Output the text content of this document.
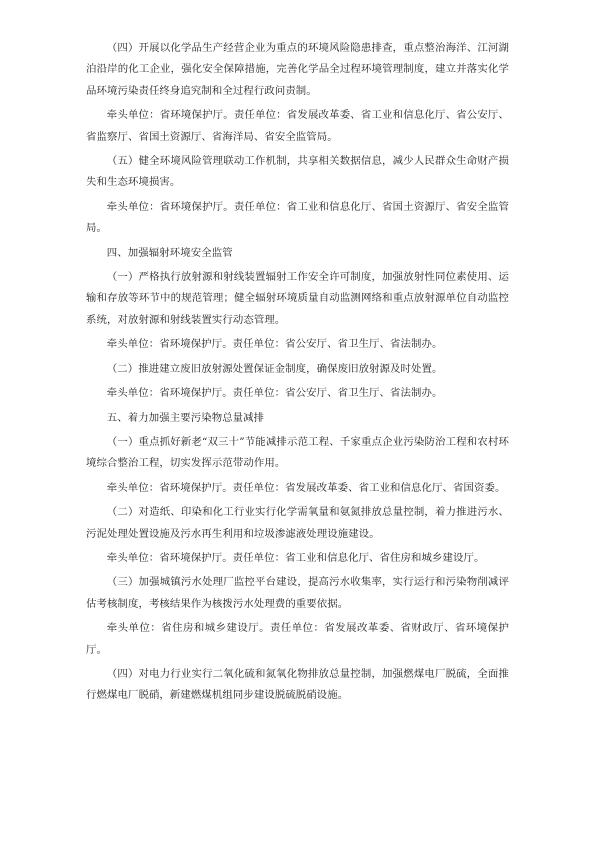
（四）开展以化学品生产经营企业为重点的环境风险隐患排查，重点整治海洋、江河湖泊沿岸的化工企业，强化安全保障措施，完善化学品全过程环境管理制度，建立并落实化学品环境污染责任终身追究制和全过程行政问责制。

牵头单位：省环境保护厅。责任单位：省发展改革委、省工业和信息化厅、省公安厅、省监察厅、省国土资源厅、省海洋局、省安全监管局。

（五）健全环境风险管理联动工作机制，共享相关数据信息，减少人民群众生命财产损失和生态环境损害。

牵头单位：省环境保护厅。责任单位：省工业和信息化厅、省国土资源厅、省安全监管局。

四、加强辐射环境安全监管

（一）严格执行放射源和射线装置辐射工作安全许可制度，加强放射性同位素使用、运输和存放等环节中的规范管理；健全辐射环境质量自动监测网络和重点放射源单位自动监控系统，对放射源和射线装置实行动态管理。

牵头单位：省环境保护厅。责任单位：省公安厅、省卫生厅、省法制办。

（二）推进建立废旧放射源处置保证金制度，确保废旧放射源及时处置。

牵头单位：省环境保护厅。责任单位：省公安厅、省卫生厅、省法制办。

五、着力加强主要污染物总量减排

（一）重点抓好新老“双三十”节能减排示范工程、千家重点企业污染防治工程和农村环境综合整治工程，切实发挥示范带动作用。

牵头单位：省环境保护厅。责任单位：省发展改革委、省工业和信息化厅、省国资委。

（二）对造纸、印染和化工行业实行化学需氧量和氨氮排放总量控制，着力推进污水、污泥处理处置设施及污水再生利用和垃圾渗滤液处理设施建设。

牵头单位：省环境保护厅。责任单位：省工业和信息化厅、省住房和城乡建设厅。

（三）加强城镇污水处理厂监控平台建设，提高污水收集率，实行运行和污染物削减评估考核制度，考核结果作为核拨污水处理费的重要依据。

牵头单位：省住房和城乡建设厅。责任单位：省发展改革委、省财政厅、省环境保护厅。

（四）对电力行业实行二氧化硫和氮氧化物排放总量控制，加强燃煤电厂脱硫，全面推行燃煤电厂脱硝，新建燃煤机组同步建设脱硫脱硝设施。
